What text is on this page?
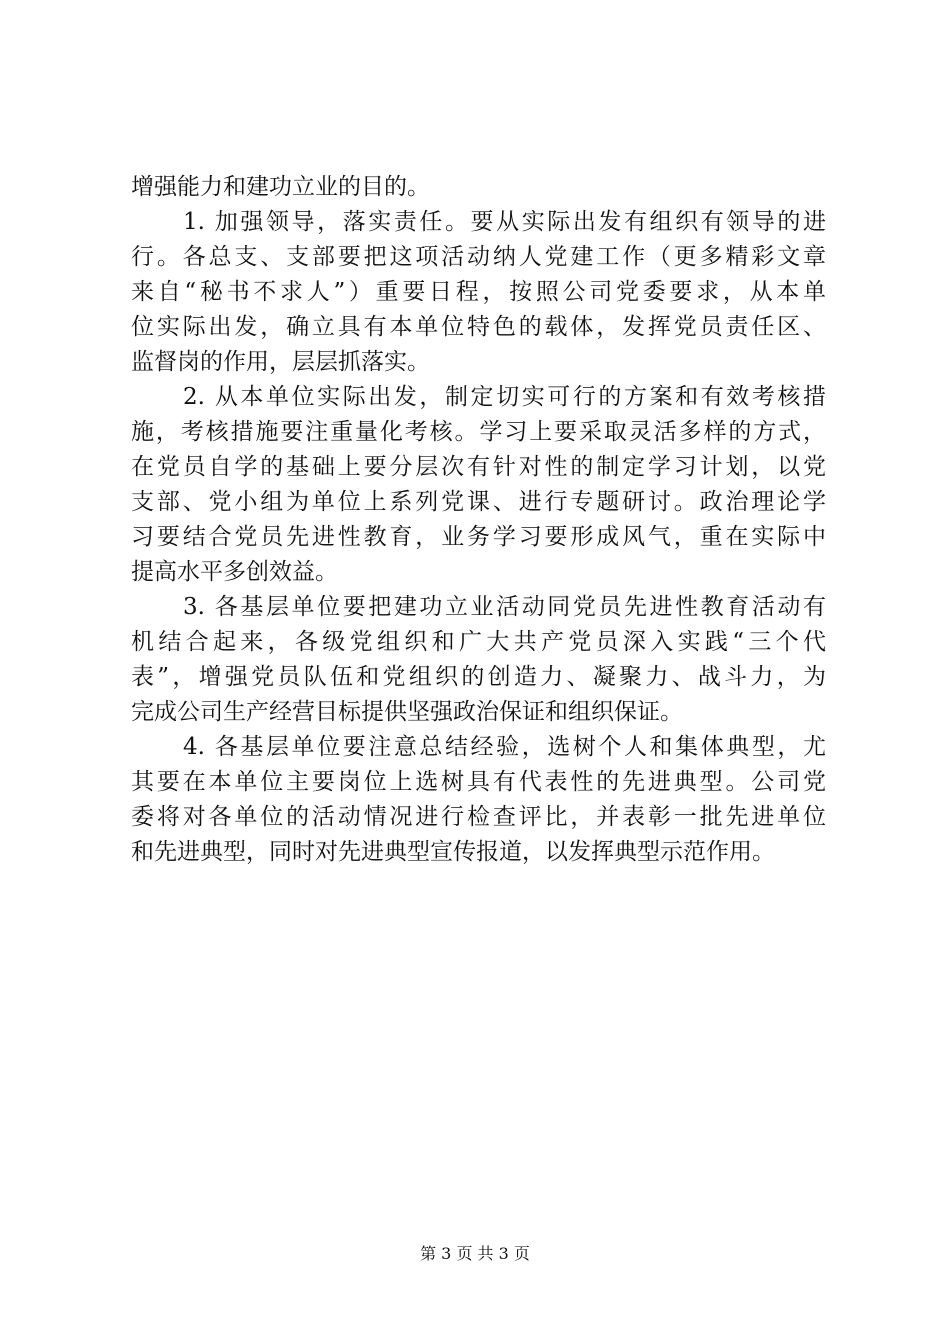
增强能力和建功立业的目的。
1. 加强领导，落实责任。要从实际出发有组织有领导的进
行。各总支、支部要把这项活动纳人党建工作（更多精彩文章
来自“秘书不求人”）重要日程，按照公司党委要求，从本单
位实际出发，确立具有本单位特色的载体，发挥党员责任区、
监督岗的作用，层层抓落实。
2. 从本单位实际出发，制定切实可行的方案和有效考核措
施，考核措施要注重量化考核。学习上要采取灵活多样的方式，
在党员自学的基础上要分层次有针对性的制定学习计划，以党
支部、党小组为单位上系列党课、进行专题研讨。政治理论学
习要结合党员先进性教育，业务学习要形成风气，重在实际中
提高水平多创效益。
3. 各基层单位要把建功立业活动同党员先进性教育活动有
机结合起来，各级党组织和广大共产党员深入实践“三个代
表”，增强党员队伍和党组织的创造力、凝聚力、战斗力，为
完成公司生产经营目标提供坚强政治保证和组织保证。
4. 各基层单位要注意总结经验，选树个人和集体典型，尤
其要在本单位主要岗位上选树具有代表性的先进典型。公司党
委将对各单位的活动情况进行检查评比，并表彰一批先进单位
和先进典型，同时对先进典型宣传报道，以发挥典型示范作用。
第 3 页 共 3 页
